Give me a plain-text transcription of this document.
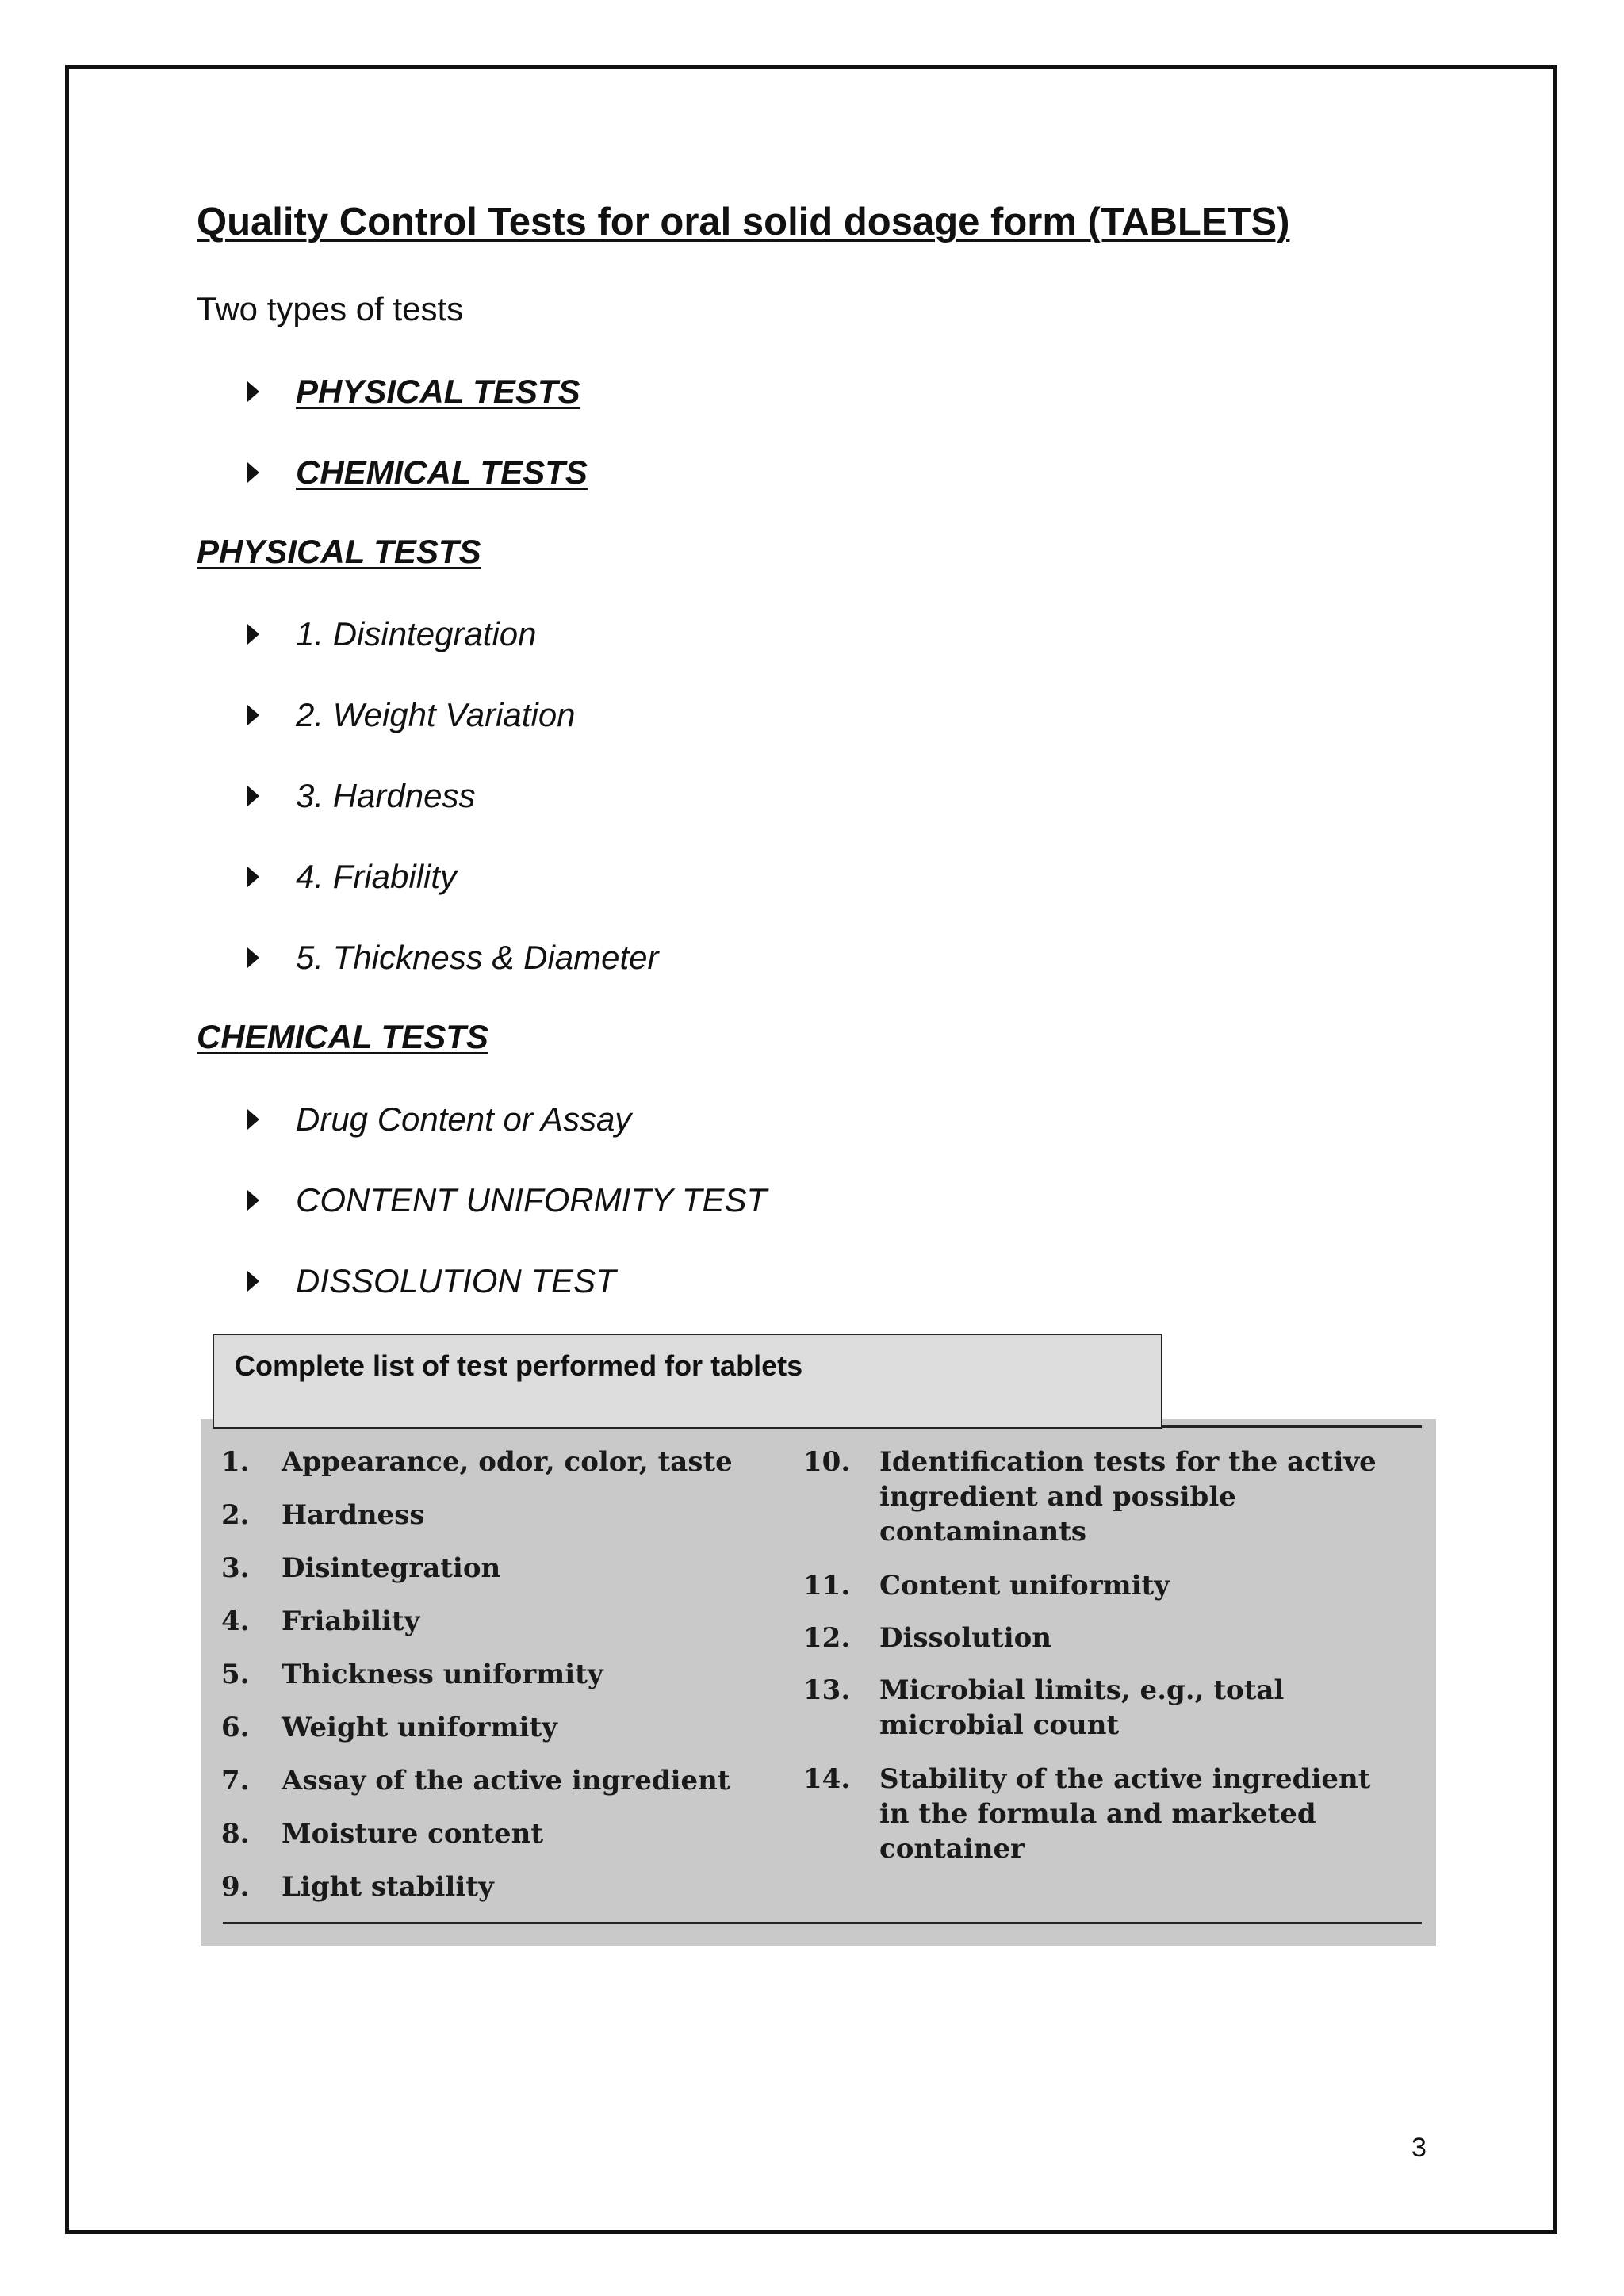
Quality Control Tests for oral solid dosage form (TABLETS)
Two types of tests
PHYSICAL TESTS
CHEMICAL TESTS
PHYSICAL TESTS
1. Disintegration
2. Weight Variation
3. Hardness
4. Friability
5. Thickness & Diameter
CHEMICAL TESTS
Drug Content or Assay
CONTENT UNIFORMITY TEST
DISSOLUTION TEST
Complete list of test performed for tablets
1. Appearance, odor, color, taste
2. Hardness
3. Disintegration
4. Friability
5. Thickness uniformity
6. Weight uniformity
7. Assay of the active ingredient
8. Moisture content
9. Light stability
10. Identification tests for the active ingredient and possible contaminants
11. Content uniformity
12. Dissolution
13. Microbial limits, e.g., total microbial count
14. Stability of the active ingredient in the formula and marketed container
3
